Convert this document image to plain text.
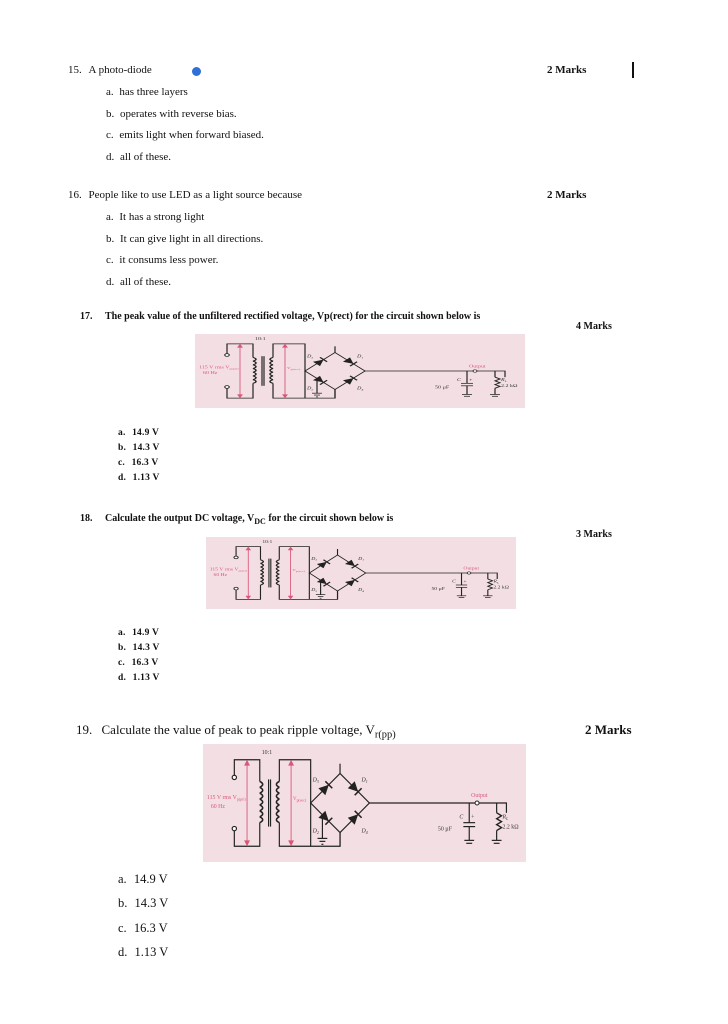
15. A photo-diode	2 Marks
a. has three layers
b. operates with reverse bias.
c. emits light when forward biased.
d. all of these.
16. People like to use LED as a light source because	2 Marks
a. It has a strong light
b. It can give light in all directions.
c. it consums less power.
d. all of these.
17. The peak value of the unfiltered rectified voltage, Vp(rect) for the circuit shown below is
4 Marks
10:1
115 V rms $V_{p(pri)}$
60 Hz
$V_{p(sec)}$
$D_3$	$D_1$
$D_2$	$D_4$
Output
C +
50 µF
$R_L$
2.2 kΩ
a. 14.9 V
b. 14.3 V
c. 16.3 V
d. 1.13 V
18. Calculate the output DC voltage, $V_{DC}$ for the circuit shown below is
3 Marks
10:1
115 V rms $V_{p(pri)}$
60 Hz
$V_{p(sec)}$
$D_3$	$D_1$
$D_2$	$D_4$
Output
C +
50 µF
$R_L$
2.2 kΩ
a. 14.9 V
b. 14.3 V
c. 16.3 V
d. 1.13 V
19. Calculate the value of peak to peak ripple voltage, $V_{r(pp)}$	2 Marks
10:1
115 V rms $V_{p(pri)}$
60 Hz
$V_{p(sec)}$
$D_3$	$D_1$
$D_2$	$D_4$
Output
C +
50 µF
$R_L$
2.2 kΩ
a. 14.9 V
b. 14.3 V
c. 16.3 V
d. 1.13 V
